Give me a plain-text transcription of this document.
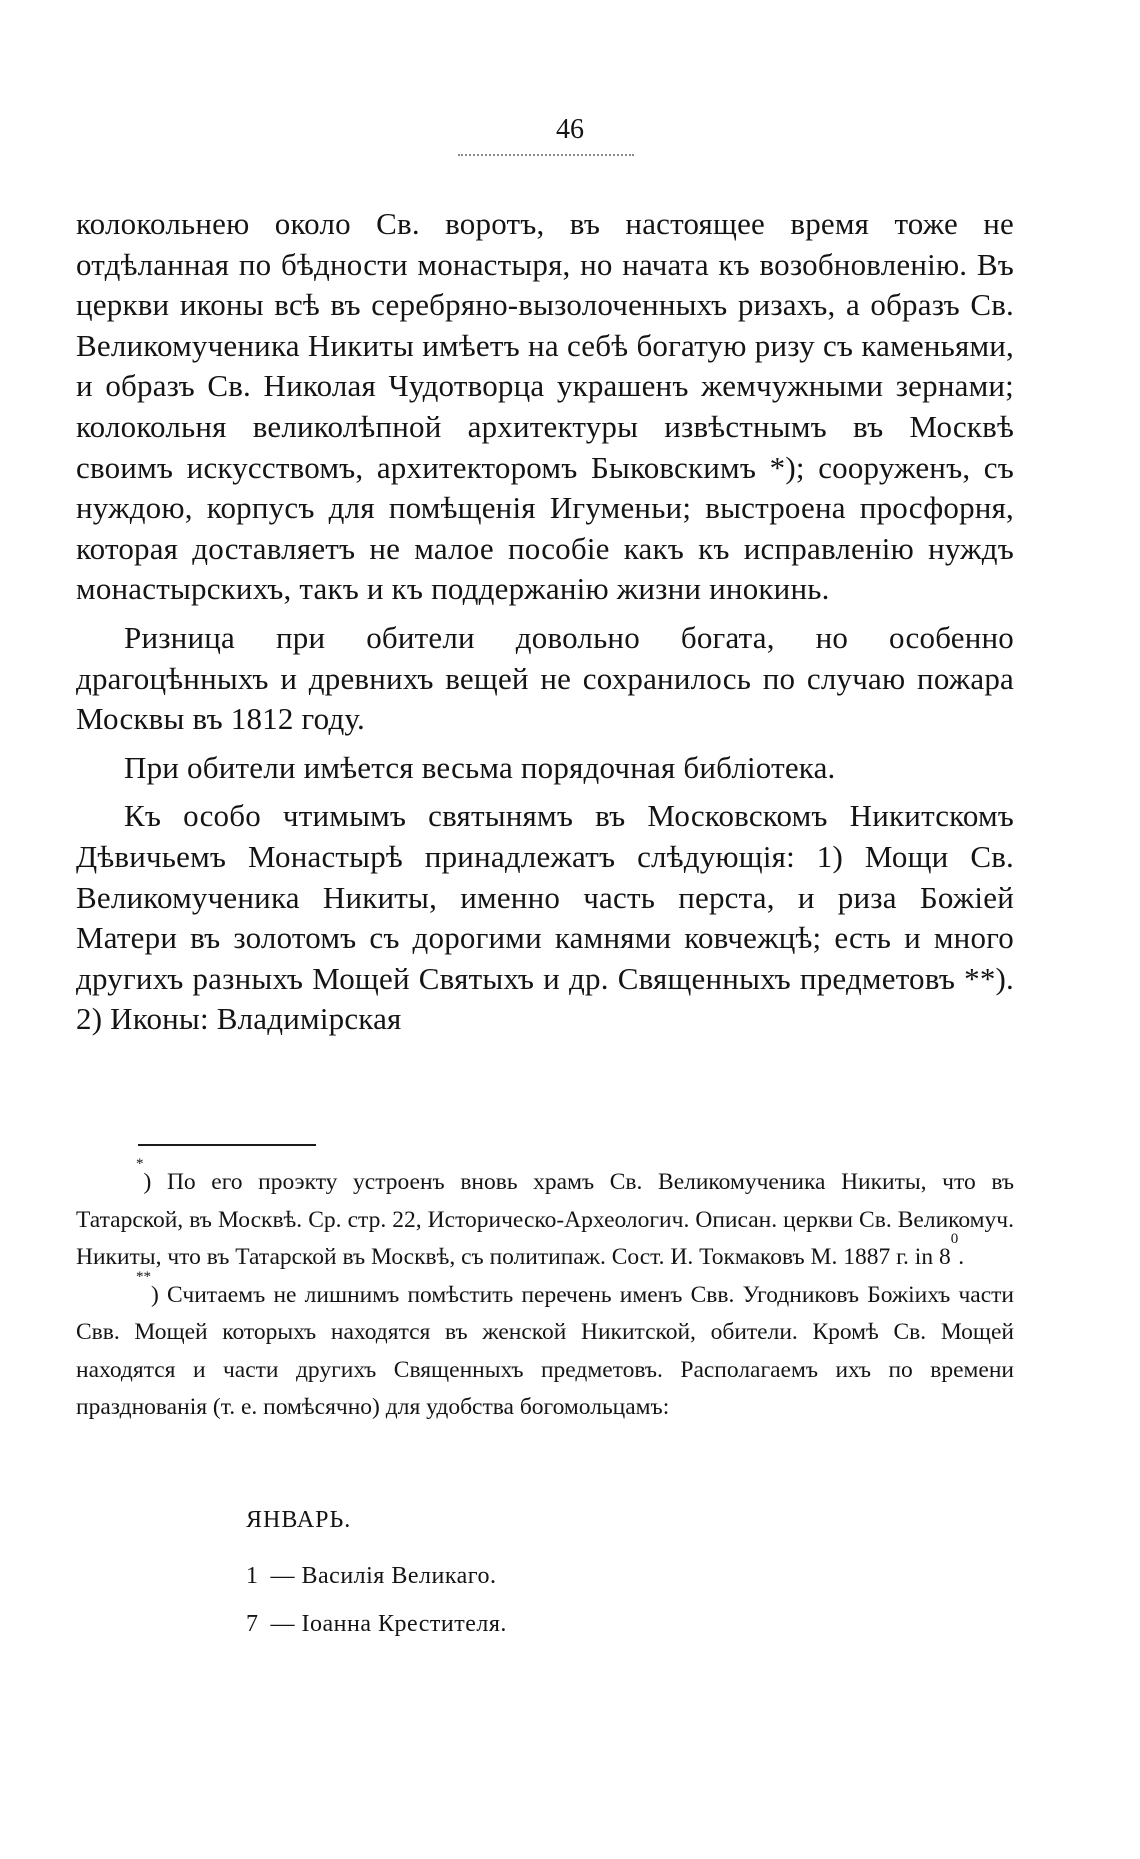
46

колокольнею около Св. воротъ, въ настоящее время тоже не отдѣланная по бѣдности монастыря, но начата къ возобновленію. Въ церкви иконы всѣ въ серебряно-вызолоченныхъ ризахъ, а образъ Св. Великомученика Никиты имѣетъ на себѣ богатую ризу съ каменьями, и образъ Св. Николая Чудотворца украшенъ жемчужными зернами; колокольня великолѣпной архитектуры извѣстнымъ въ Москвѣ своимъ искусствомъ, архитекторомъ Быковскимъ *); сооруженъ, съ нуждою, корпусъ для помѣщенія Игуменьи; выстроена просфорня, которая доставляетъ не малое пособіе какъ къ исправленію нуждъ монастырскихъ, такъ и къ поддержанію жизни инокинь.

Ризница при обители довольно богата, но особенно драгоцѣнныхъ и древнихъ вещей не сохранилось по случаю пожара Москвы въ 1812 году.

При обители имѣется весьма порядочная библіотека.

Къ особо чтимымъ святынямъ въ Московскомъ Никитскомъ Дѣвичьемъ Монастырѣ принадлежатъ слѣдующія: 1) Мощи Св. Великомученика Никиты, именно часть перста, и риза Божіей Матери въ золотомъ съ дорогими камнями ковчежцѣ; есть и много другихъ разныхъ Мощей Святыхъ и др. Священныхъ предметовъ **). 2) Иконы: Владимірская

*) По его проэкту устроенъ вновь храмъ Св. Великомученика Никиты, что въ Татарской, въ Москвѣ. Ср. стр. 22, Историческо-Археологич. Описан. церкви Св. Великомуч. Никиты, что въ Татарской въ Москвѣ, съ политипаж. Сост. И. Токмаковъ М. 1887 г. in $8^0$.

**) Считаемъ не лишнимъ помѣстить перечень именъ Свв. Угодниковъ Божіихъ части Свв. Мощей которыхъ находятся въ женской Никитской, обители. Кромѣ Св. Мощей находятся и части другихъ Священныхъ предметовъ. Располагаемъ ихъ по времени празднованія (т. е. помѣсячно) для удобства богомольцамъ:

ЯНВАРЬ.
1 — Василія Великаго.
7 — Іоанна Крестителя.
